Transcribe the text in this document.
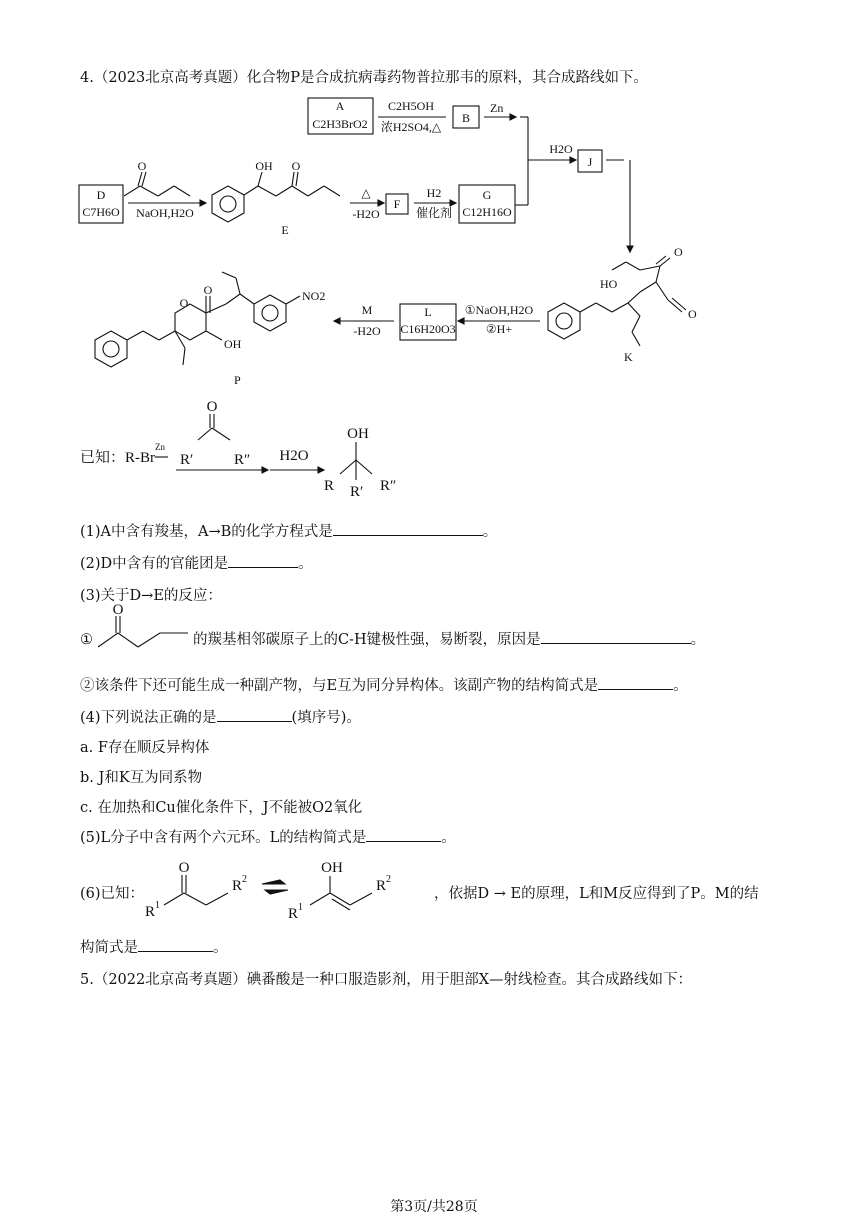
4.（2023北京高考真题）化合物P是合成抗病毒药物普拉那韦的原料，其合成路线如下。
A
C2H3BrO2
C2H5OH
浓H2SO4,△
B
Zn
H2O
J
D
C7H6O NaOH,H2O
O	OH O
E
△
-H2O
F
H2
催化剂
G
C12H16O
HO
O
O
K
①NaOH,H2O
②H+
L
C16H20O3
M
-H2O
O
O
OH
NO2
P
已知：R-Br
Zn
O
R′	R″ H2O
OH
R R′ R″
O
O
R 1
R 2
OH
R 1
R 2
(1)A中含有羧基，A→B的化学方程式是	。
(2)D中含有的官能团是	。
(3)关于D→E的反应：
①	的羰基相邻碳原子上的C-H键极性强，易断裂，原因是	。
②该条件下还可能生成一种副产物，与E互为同分异构体。该副产物的结构简式是	。
(4)下列说法正确的是	(填序号)。
a. F存在顺反异构体
b. J和K互为同系物
c. 在加热和Cu催化条件下，J不能被O2氧化
(5)L分子中含有两个六元环。L的结构简式是	。
(6)已知：	，依据D → E的原理，L和M反应得到了P。M的结
构简式是	。
5.（2022北京高考真题）碘番酸是一种口服造影剂，用于胆部X—射线检查。其合成路线如下：
第3页/共28页
